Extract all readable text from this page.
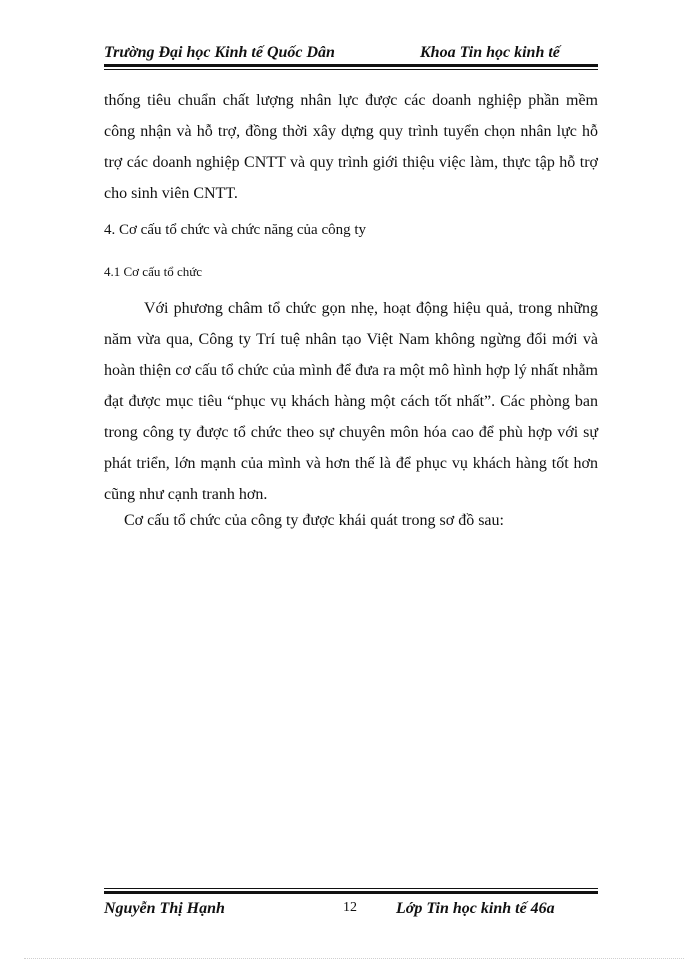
Trường Đại học Kinh tế Quốc Dân	Khoa Tin học kinh tế

thống tiêu chuẩn chất lượng nhân lực được các doanh nghiệp phần mềm công nhận và hỗ trợ, đồng thời xây dựng quy trình tuyển chọn nhân lực hỗ trợ các doanh nghiệp CNTT và quy trình giới thiệu việc làm, thực tập hỗ trợ cho sinh viên CNTT.

4. Cơ cấu tổ chức và chức năng của công ty
4.1 Cơ cấu tổ chức

Với phương châm tổ chức gọn nhẹ, hoạt động hiệu quả, trong những năm vừa qua, Công ty Trí tuệ nhân tạo Việt Nam không ngừng đổi mới và hoàn thiện cơ cấu tổ chức của mình để đưa ra một mô hình hợp lý nhất nhằm đạt được mục tiêu “phục vụ khách hàng một cách tốt nhất”. Các phòng ban trong công ty được tổ chức theo sự chuyên môn hóa cao để phù hợp với sự phát triển, lớn mạnh của mình và hơn thế là để phục vụ khách hàng tốt hơn cũng như cạnh tranh hơn.

Cơ cấu tổ chức của công ty được khái quát trong sơ đồ sau:
Nguyễn Thị Hạnh	12 Lớp Tin học kinh tế 46a
